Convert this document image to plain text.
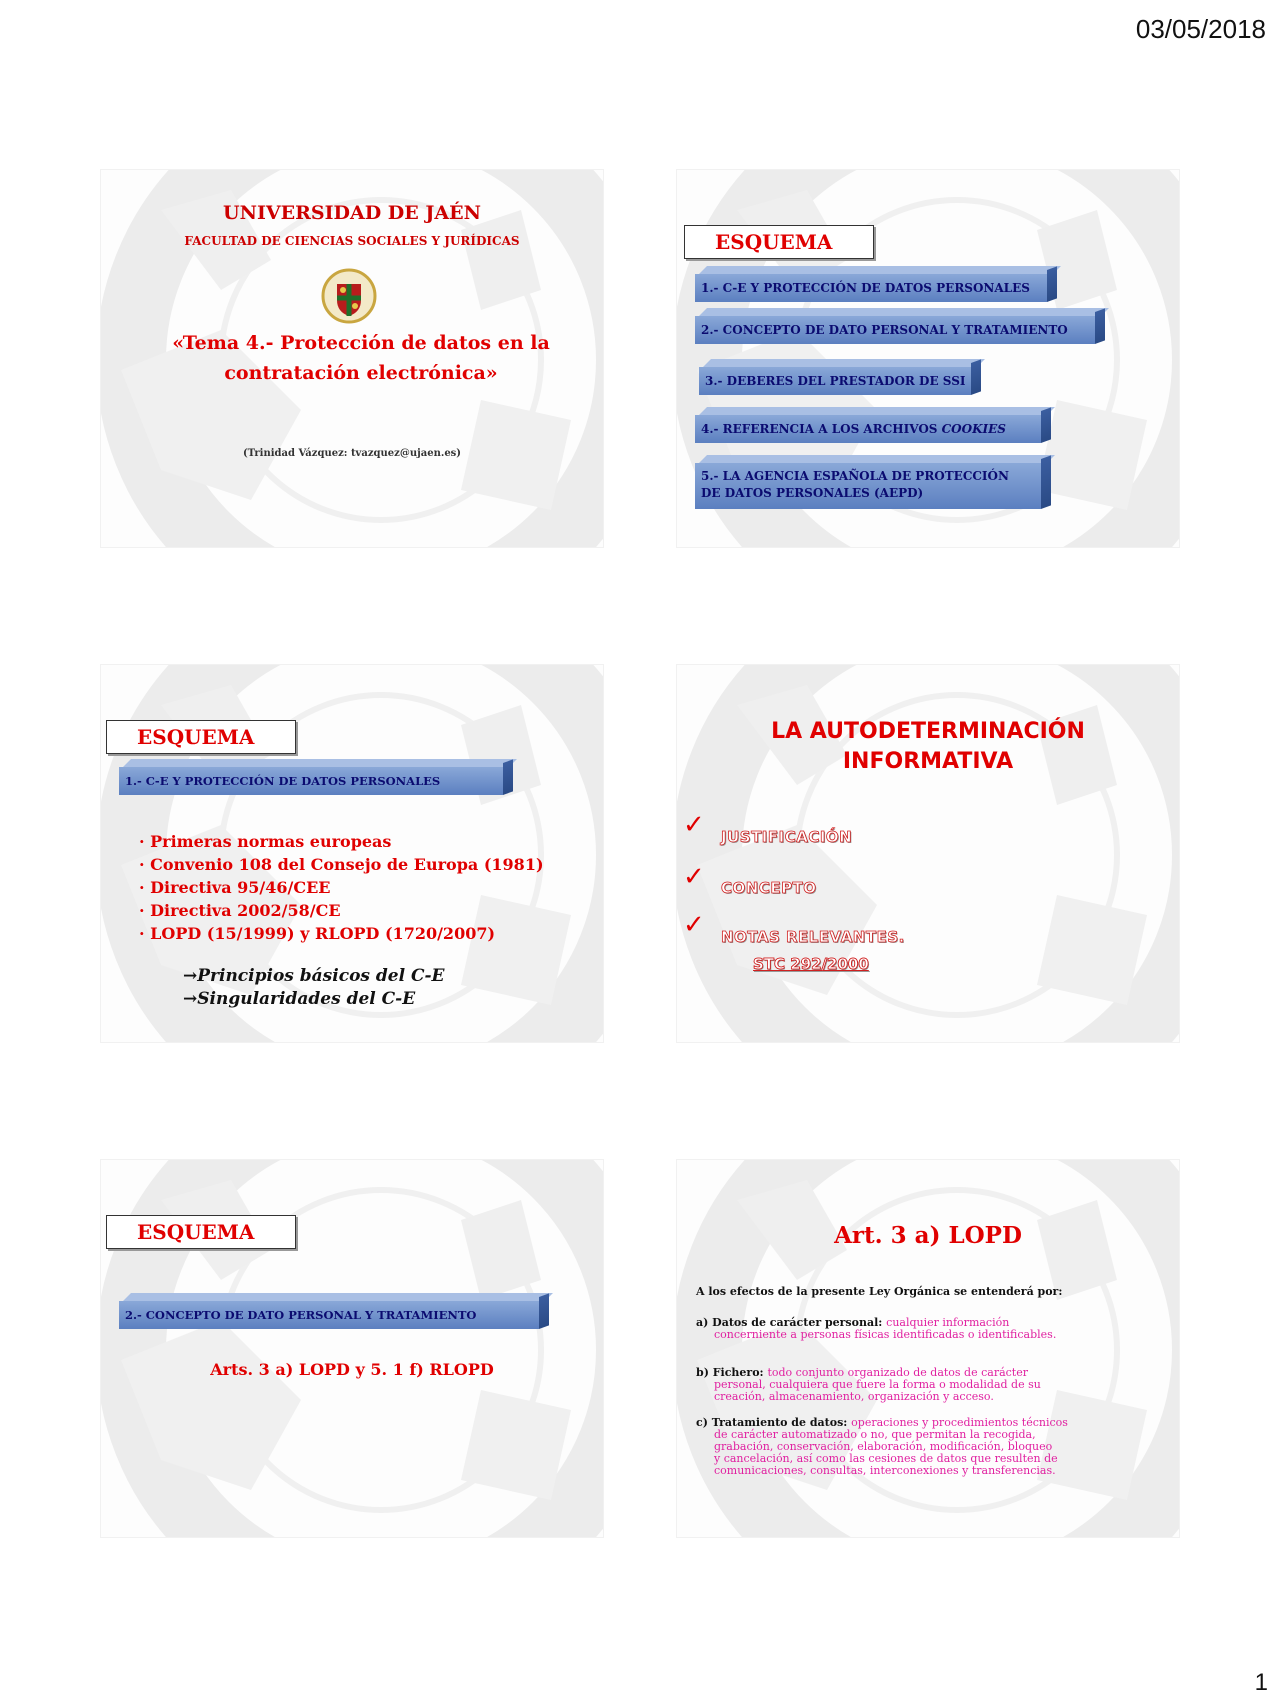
03/05/2018
UNIVERSIDAD DE JAÉN
FACULTAD DE CIENCIAS SOCIALES Y JURÍDICAS
«Tema 4.- Protección de datos en la
contratación electrónica»
(Trinidad Vázquez: tvazquez@ujaen.es)
ESQUEMA
1.- C-E Y PROTECCIÓN DE DATOS PERSONALES
2.- CONCEPTO DE DATO PERSONAL Y TRATAMIENTO
3.- DEBERES DEL PRESTADOR DE SSI
4.- REFERENCIA A LOS ARCHIVOS COOKIES
5.- LA AGENCIA ESPAÑOLA DE PROTECCIÓN
DE DATOS PERSONALES (AEPD)
ESQUEMA
1.- C-E Y PROTECCIÓN DE DATOS PERSONALES
· Primeras normas europeas
· Convenio 108 del Consejo de Europa (1981)
· Directiva 95/46/CEE
· Directiva 2002/58/CE
· LOPD (15/1999) y RLOPD (1720/2007)
→Principios básicos del C-E
→Singularidades del C-E
LA AUTODETERMINACIÓN
INFORMATIVA
✓ JUSTIFICACIÓN
✓ CONCEPTO
✓ NOTAS RELEVANTES.
STC 292/2000
ESQUEMA
2.- CONCEPTO DE DATO PERSONAL Y TRATAMIENTO
Arts. 3 a) LOPD y 5. 1 f) RLOPD
Art. 3 a) LOPD
A los efectos de la presente Ley Orgánica se entenderá por:
a) Datos de carácter personal: cualquier información
concerniente a personas físicas identificadas o identificables.
b) Fichero: todo conjunto organizado de datos de carácter
personal, cualquiera que fuere la forma o modalidad de su
creación, almacenamiento, organización y acceso.
c) Tratamiento de datos: operaciones y procedimientos técnicos
de carácter automatizado o no, que permitan la recogida,
grabación, conservación, elaboración, modificación, bloqueo
y cancelación, así como las cesiones de datos que resulten de
comunicaciones, consultas, interconexiones y transferencias.
1
